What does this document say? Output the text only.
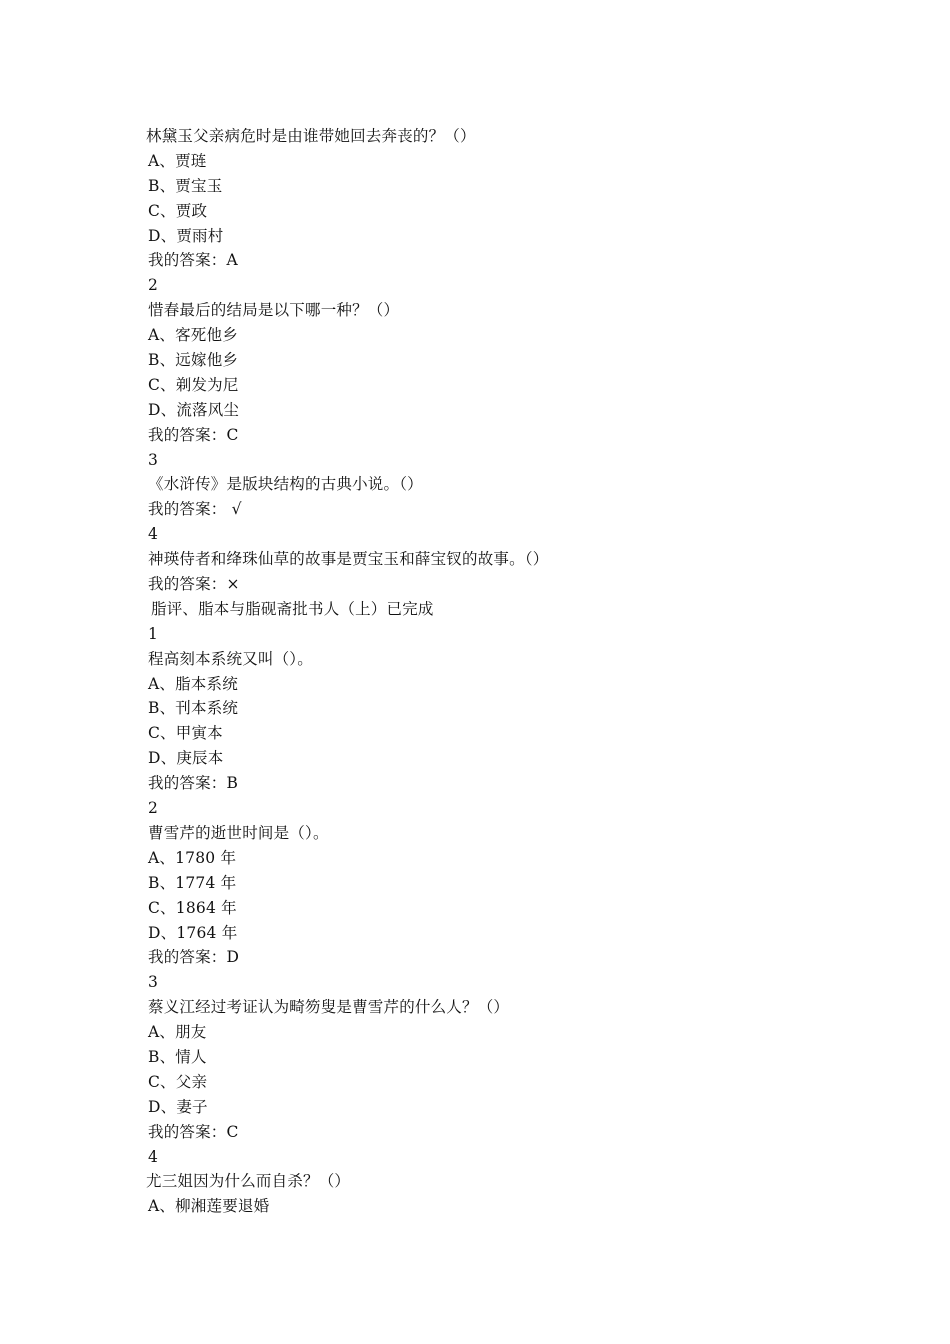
林黛玉父亲病危时是由谁带她回去奔丧的？（）
A、贾琏
B、贾宝玉
C、贾政
D、贾雨村
我的答案：A
2
惜春最后的结局是以下哪一种？（）
A、客死他乡
B、远嫁他乡
C、剃发为尼
D、流落风尘
我的答案：C
3
《水浒传》是版块结构的古典小说。（）
我的答案： √
4
神瑛侍者和绛珠仙草的故事是贾宝玉和薛宝钗的故事。（）
我的答案：×
脂评、脂本与脂砚斋批书人（上）已完成
1
程高刻本系统又叫（）。
A、脂本系统
B、刊本系统
C、甲寅本
D、庚辰本
我的答案：B
2
曹雪芹的逝世时间是（）。
A、1780 年
B、1774 年
C、1864 年
D、1764 年
我的答案：D
3
蔡义江经过考证认为畸笏叟是曹雪芹的什么人？（）
A、朋友
B、情人
C、父亲
D、妻子
我的答案：C
4
尤三姐因为什么而自杀？（）
A、柳湘莲要退婚
